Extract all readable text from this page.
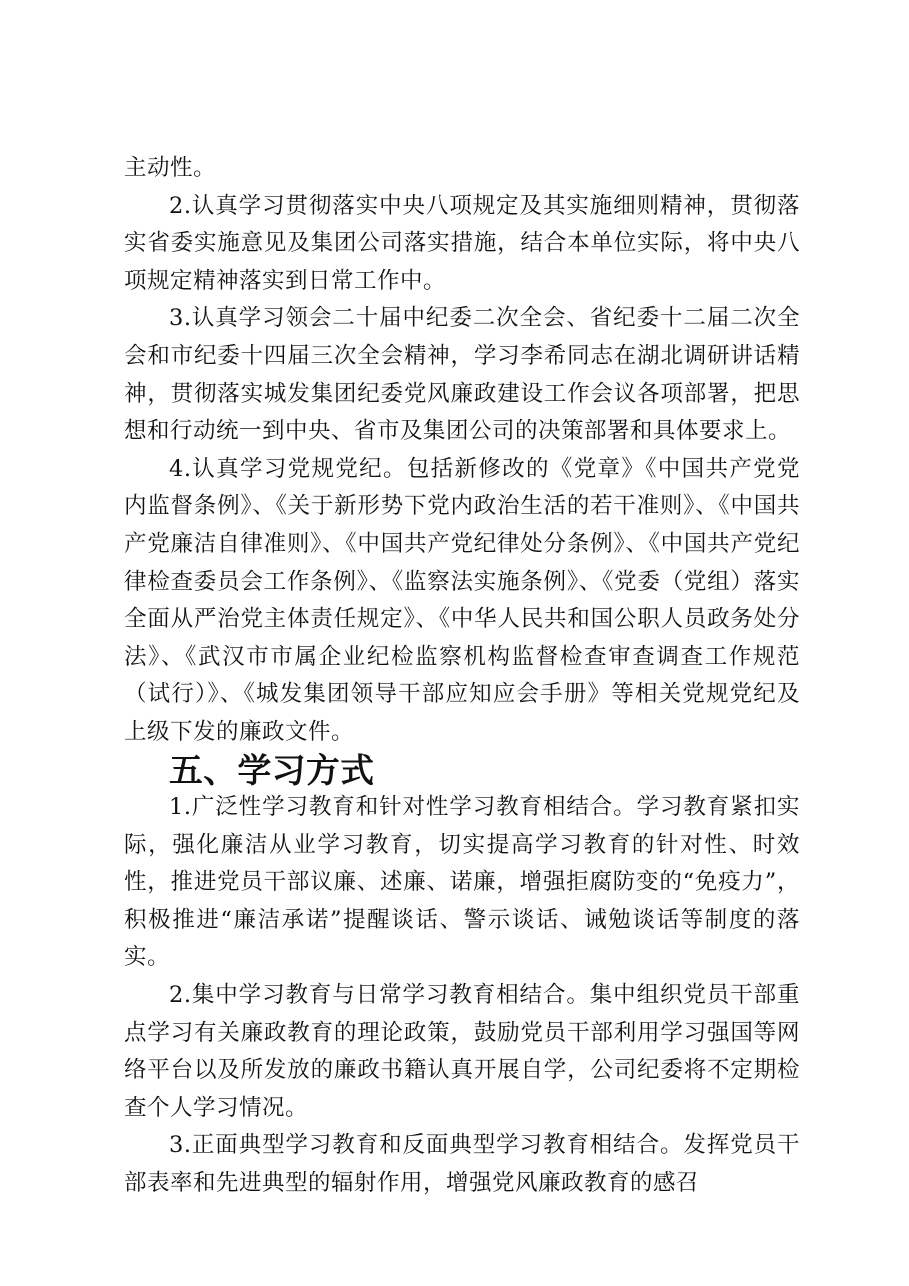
主动性。

2.认真学习贯彻落实中央八项规定及其实施细则精神，贯彻落实省委实施意见及集团公司落实措施，结合本单位实际，将中央八项规定精神落实到日常工作中。

3.认真学习领会二十届中纪委二次全会、省纪委十二届二次全会和市纪委十四届三次全会精神，学习李希同志在湖北调研讲话精神，贯彻落实城发集团纪委党风廉政建设工作会议各项部署，把思想和行动统一到中央、省市及集团公司的决策部署和具体要求上。

4.认真学习党规党纪。包括新修改的《党章》《中国共产党党内监督条例》、《关于新形势下党内政治生活的若干准则》、《中国共产党廉洁自律准则》、《中国共产党纪律处分条例》、《中国共产党纪律检查委员会工作条例》、《监察法实施条例》、《党委（党组）落实全面从严治党主体责任规定》、《中华人民共和国公职人员政务处分法》、《武汉市市属企业纪检监察机构监督检查审查调查工作规范（试行）》、《城发集团领导干部应知应会手册》等相关党规党纪及上级下发的廉政文件。

五、学习方式

1.广泛性学习教育和针对性学习教育相结合。学习教育紧扣实际，强化廉洁从业学习教育，切实提高学习教育的针对性、时效性，推进党员干部议廉、述廉、诺廉，增强拒腐防变的“免疫力”，积极推进“廉洁承诺”提醒谈话、警示谈话、诫勉谈话等制度的落实。

2.集中学习教育与日常学习教育相结合。集中组织党员干部重点学习有关廉政教育的理论政策，鼓励党员干部利用学习强国等网络平台以及所发放的廉政书籍认真开展自学，公司纪委将不定期检查个人学习情况。

3.正面典型学习教育和反面典型学习教育相结合。发挥党员干部表率和先进典型的辐射作用，增强党风廉政教育的感召
